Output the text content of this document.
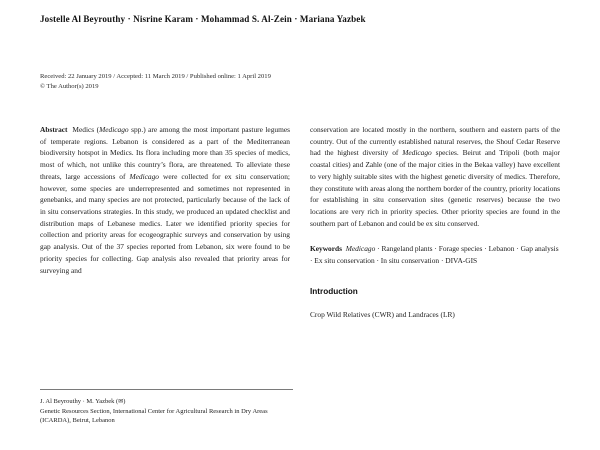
Jostelle Al Beyrouthy · Nisrine Karam · Mohammad S. Al-Zein · Mariana Yazbek

Received: 22 January 2019 / Accepted: 11 March 2019 / Published online: 1 April 2019

© The Author(s) 2019

Abstract Medics (Medicago spp.) are among the most important pasture legumes of temperate regions. Lebanon is considered as a part of the Mediterranean biodiversity hotspot in Medics. Its flora including more than 35 species of medics, most of which, not unlike this country’s flora, are threatened. To alleviate these threats, large accessions of Medicago were collected for ex situ conservation; however, some species are underrepresented and sometimes not represented in genebanks, and many species are not protected, particularly because of the lack of in situ conservations strategies. In this study, we produced an updated checklist and distribution maps of Lebanese medics. Later we identified priority species for collection and priority areas for ecogeographic surveys and conservation by using gap analysis. Out of the 37 species reported from Lebanon, six were found to be priority species for collecting. Gap analysis also revealed that priority areas for surveying and

conservation are located mostly in the northern, southern and eastern parts of the country. Out of the currently established natural reserves, the Shouf Cedar Reserve had the highest diversity of Medicago species. Beirut and Tripoli (both major coastal cities) and Zahle (one of the major cities in the Bekaa valley) have excellent to very highly suitable sites with the highest genetic diversity of medics. Therefore, they constitute with areas along the northern border of the country, priority locations for establishing in situ conservation sites (genetic reserves) because the two locations are very rich in priority species. Other priority species are found in the southern part of Lebanon and could be ex situ conserved.

Keywords Medicago · Rangeland plants · Forage species · Lebanon · Gap analysis · Ex situ conservation · In situ conservation · DIVA-GIS

Introduction

Crop Wild Relatives (CWR) and Landraces (LR)

J. Al Beyrouthy · M. Yazbek (✉)

Genetic Resources Section, International Center for Agricultural Research in Dry Areas (ICARDA), Beirut, Lebanon
